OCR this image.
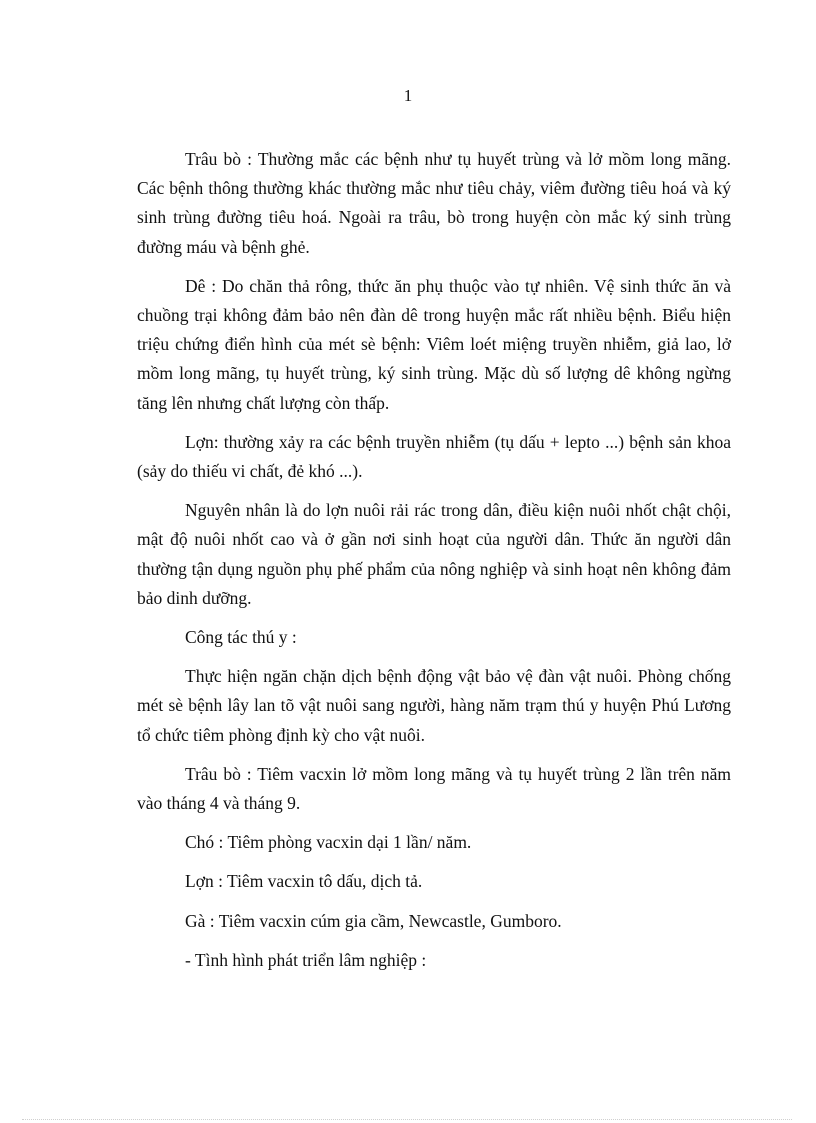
1

Trâu bò : Thường mắc các bệnh như tụ huyết trùng và lở mồm long mãng. Các bệnh thông thường khác thường mắc như tiêu chảy, viêm đường tiêu hoá và ký sinh trùng đường tiêu hoá. Ngoài ra trâu, bò trong huyện còn mắc ký sinh trùng đường máu và bệnh ghẻ.

Dê : Do chăn thả rông, thức ăn phụ thuộc vào tự nhiên. Vệ sinh thức ăn và chuồng trại không đảm bảo nên đàn dê trong huyện mắc rất nhiều bệnh. Biểu hiện triệu chứng điển hình của mét sè bệnh: Viêm loét miệng truyền nhiễm, giả lao, lở mồm long mãng, tụ huyết trùng, ký sinh trùng. Mặc dù số lượng dê không ngừng tăng lên nhưng chất lượng còn thấp.

Lợn: thường xảy ra các bệnh truyền nhiễm (tụ dấu + lepto ...) bệnh sản khoa (sảy do thiếu vi chất, đẻ khó ...).

Nguyên nhân là do lợn nuôi rải rác trong dân, điều kiện nuôi nhốt chật chội, mật độ nuôi nhốt cao và ở gần nơi sinh hoạt của người dân. Thức ăn người dân thường tận dụng nguồn phụ phế phẩm của nông nghiệp và sinh hoạt nên không đảm bảo dinh dưỡng.

Công tác thú y :

Thực hiện ngăn chặn dịch bệnh động vật bảo vệ đàn vật nuôi. Phòng chống mét sè bệnh lây lan tõ vật nuôi sang người, hàng năm trạm thú y huyện Phú Lương tổ chức tiêm phòng định kỳ cho vật nuôi.

Trâu bò : Tiêm vacxin lở mồm long mãng và tụ huyết trùng 2 lần trên năm vào tháng 4 và tháng 9.

Chó : Tiêm phòng vacxin dại 1 lần/ năm.

Lợn : Tiêm vacxin tô dấu, dịch tả.

Gà : Tiêm vacxin cúm gia cầm, Newcastle, Gumboro.

- Tình hình phát triển lâm nghiệp :
